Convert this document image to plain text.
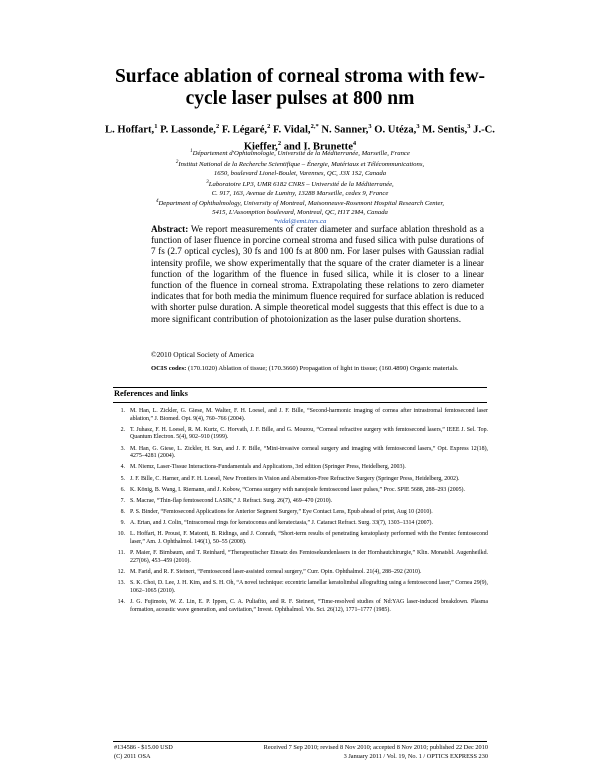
Surface ablation of corneal stroma with few-cycle laser pulses at 800 nm
L. Hoffart,$^1$ P. Lassonde,$^2$ F. Légaré,$^2$ F. Vidal,$^{2,*}$ N. Sanner,$^3$ O. Utéza,$^3$ M. Sentis,$^3$ J.-C. Kieffer,$^2$ and I. Brunette$^4$
$^1$Département d'Ophtalmologie, Université de la Méditerranée, Marseille, France
$^2$Institut National de la Recherche Scientifique – Énergie, Matériaux et Télécommunications,
1650, boulevard Lionel-Boulet, Varennes, QC, J3X 1S2, Canada
$^3$Laboratoire LP3, UMR 6182 CNRS – Université de la Méditerranée,
C. 917, 163, Avenue de Luminy, 13288 Marseille, cedex 9, France
$^4$Department of Ophthalmology, University of Montreal, Maisonneuve-Rosemont Hospital Research Center,
5415, L'Assomption boulevard, Montreal, QC, H1T 2M4, Canada
*vidal@emt.inrs.ca
Abstract: We report measurements of crater diameter and surface ablation threshold as a function of laser fluence in porcine corneal stroma and fused silica with pulse durations of 7 fs (2.7 optical cycles), 30 fs and 100 fs at 800 nm. For laser pulses with Gaussian radial intensity profile, we show experimentally that the square of the crater diameter is a linear function of the logarithm of the fluence in fused silica, while it is closer to a linear function of the fluence in corneal stroma. Extrapolating these relations to zero diameter indicates that for both media the minimum fluence required for surface ablation is reduced with shorter pulse duration. A simple theoretical model suggests that this effect is due to a more significant contribution of photoionization as the laser pulse duration shortens.
©2010 Optical Society of America
OCIS codes: (170.1020) Ablation of tissue; (170.3660) Propagation of light in tissue; (160.4890) Organic materials.
References and links
1. M. Han, L. Zickler, G. Giese, M. Walter, F. H. Loesel, and J. F. Bille, “Second-harmonic imaging of cornea after intrastromal femtosecond laser ablation,” J. Biomed. Opt. 9(4), 760–766 (2004).
2. T. Juhasz, F. H. Loesel, R. M. Kurtz, C. Horvath, J. F. Bille, and G. Mourou, “Corneal refractive surgery with femtosecond lasers,” IEEE J. Sel. Top. Quantum Electron. 5(4), 902–910 (1999).
3. M. Han, G. Giese, L. Zickler, H. Sun, and J. F. Bille, “Mini-invasive corneal surgery and imaging with femtosecond lasers,” Opt. Express 12(18), 4275–4281 (2004).
4. M. Niemz, Laser-Tissue Interactions-Fundamentals and Applications, 3rd edition (Springer Press, Heidelberg, 2003).
5. J. F. Bille, C. Harner, and F. H. Loesel, New Frontiers in Vision and Aberration-Free Refractive Surgery (Springer Press, Heidelberg, 2002).
6. K. König, B. Wang, I. Riemann, and J. Kobow, “Cornea surgery with nanojoule femtosecond laser pulses,” Proc. SPIE 5688, 288–293 (2005).
7. S. Macrae, “Thin-flap femtosecond LASIK,” J. Refract. Surg. 26(7), 469–470 (2010).
8. P. S. Binder, “Femtosecond Applications for Anterior Segment Surgery,” Eye Contact Lens, Epub ahead of print, Aug 10 (2010).
9. A. Ertan, and J. Colin, “Intracorneal rings for keratoconus and keratectasia,” J. Cataract Refract. Surg. 33(7), 1303–1314 (2007).
10. L. Hoffart, H. Proust, F. Matonti, B. Ridings, and J. Conrath, “Short-term results of penetrating keratoplasty performed with the Femtec femtosecond laser,” Am. J. Ophthalmol. 146(1), 50–55 (2008).
11. P. Maier, F. Birnbaum, and T. Reinhard, “Therapeutischer Einsatz des Femtosekundenlasers in der Hornhautchirurgie,” Klin. Monatsbl. Augenheilkd. 227(06), 453–459 (2010).
12. M. Farid, and R. F. Steinert, “Femtosecond laser-assisted corneal surgery,” Curr. Opin. Ophthalmol. 21(4), 288–292 (2010).
13. S. K. Choi, D. Lee, J. H. Kim, and S. H. Oh, “A novel technique: eccentric lamellar keratolimbal allografting using a femtosecond laser,” Cornea 29(9), 1062–1065 (2010).
14. J. G. Fujimoto, W. Z. Lin, E. P. Ippen, C. A. Puliafito, and R. F. Steinert, “Time-resolved studies of Nd:YAG laser-induced breakdown. Plasma formation, acoustic wave generation, and cavitation,” Invest. Ophthalmol. Vis. Sci. 26(12), 1771–1777 (1985).
#134586 - $15.00 USD	Received 7 Sep 2010; revised 8 Nov 2010; accepted 8 Nov 2010; published 22 Dec 2010
(C) 2011 OSA	3 January 2011 / Vol. 19, No. 1 / OPTICS EXPRESS 230
